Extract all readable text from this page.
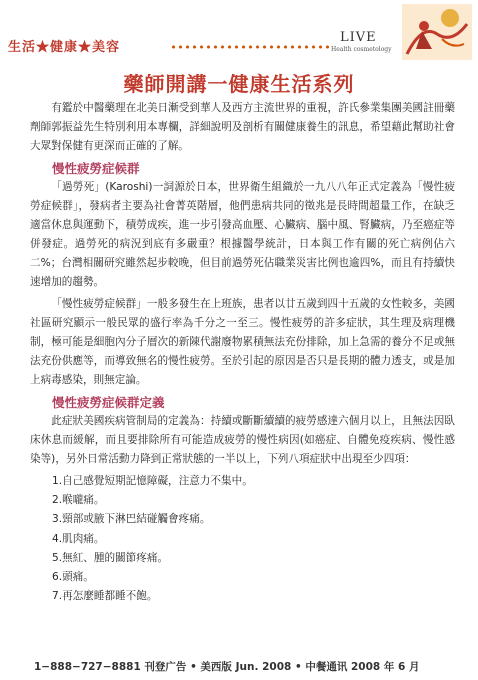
生活★健康★美容
LIVE
Health cosmetology
藥師開講一健康生活系列

有鑑於中醫藥理在北美日漸受到華人及西方主流世界的重視，許氏參業集團美國註冊藥劑師郭振益先生特別利用本專欄，詳細說明及剖析有關健康養生的訊息，希望藉此幫助社會大眾對保健有更深而正確的了解。

慢性疲勞症候群

「過勞死」(Karoshi)一詞源於日本，世界衛生組織於一九八八年正式定義為「慢性疲勞症候群」，發病者主要為社會菁英階層，他們患病共同的徵兆是長時間超量工作，在缺乏適當休息與運動下，積勞成疾，進一步引發高血壓、心臟病、腦中風、腎臟病，乃至癌症等併發症。過勞死的病況到底有多嚴重？根據醫學統計，日本與工作有關的死亡病例佔六二%；台灣相關研究雖然起步較晚，但目前過勞死佔職業災害比例也逾四%，而且有持續快速增加的趨勢。

「慢性疲勞症候群」一般多發生在上班族，患者以廿五歲到四十五歲的女性較多，美國社區研究顯示一般民眾的盛行率為千分之一至三。慢性疲勞的許多症狀，其生理及病理機制，極可能是細胞內分子層次的新陳代謝廢物累積無法充份排除，加上急需的養分不足或無法充份供應等，而導致無名的慢性疲勞。至於引起的原因是否只是長期的體力透支，或是加上病毒感染，則無定論。

慢性疲勞症候群定義

此症狀美國疾病管制局的定義為：持續或斷斷續續的疲勞感達六個月以上，且無法因臥床休息而緩解，而且要排除所有可能造成疲勞的慢性病因(如癌症、自體免疫疾病、慢性感染等)，另外日常活動力降到正常狀態的一半以上，下列八項症狀中出現至少四項：

1.自己感覺短期記憶障礙，注意力不集中。
2.喉嚨痛。
3.頸部或腋下淋巴結碰觸會疼痛。
4.肌肉痛。
5.無紅、腫的關節疼痛。
6.頭痛。
7.再怎麼睡都睡不飽。
1−888−727−8881 刊登广告 • 美西版 Jun. 2008 • 中餐通讯 2008 年 6 月
